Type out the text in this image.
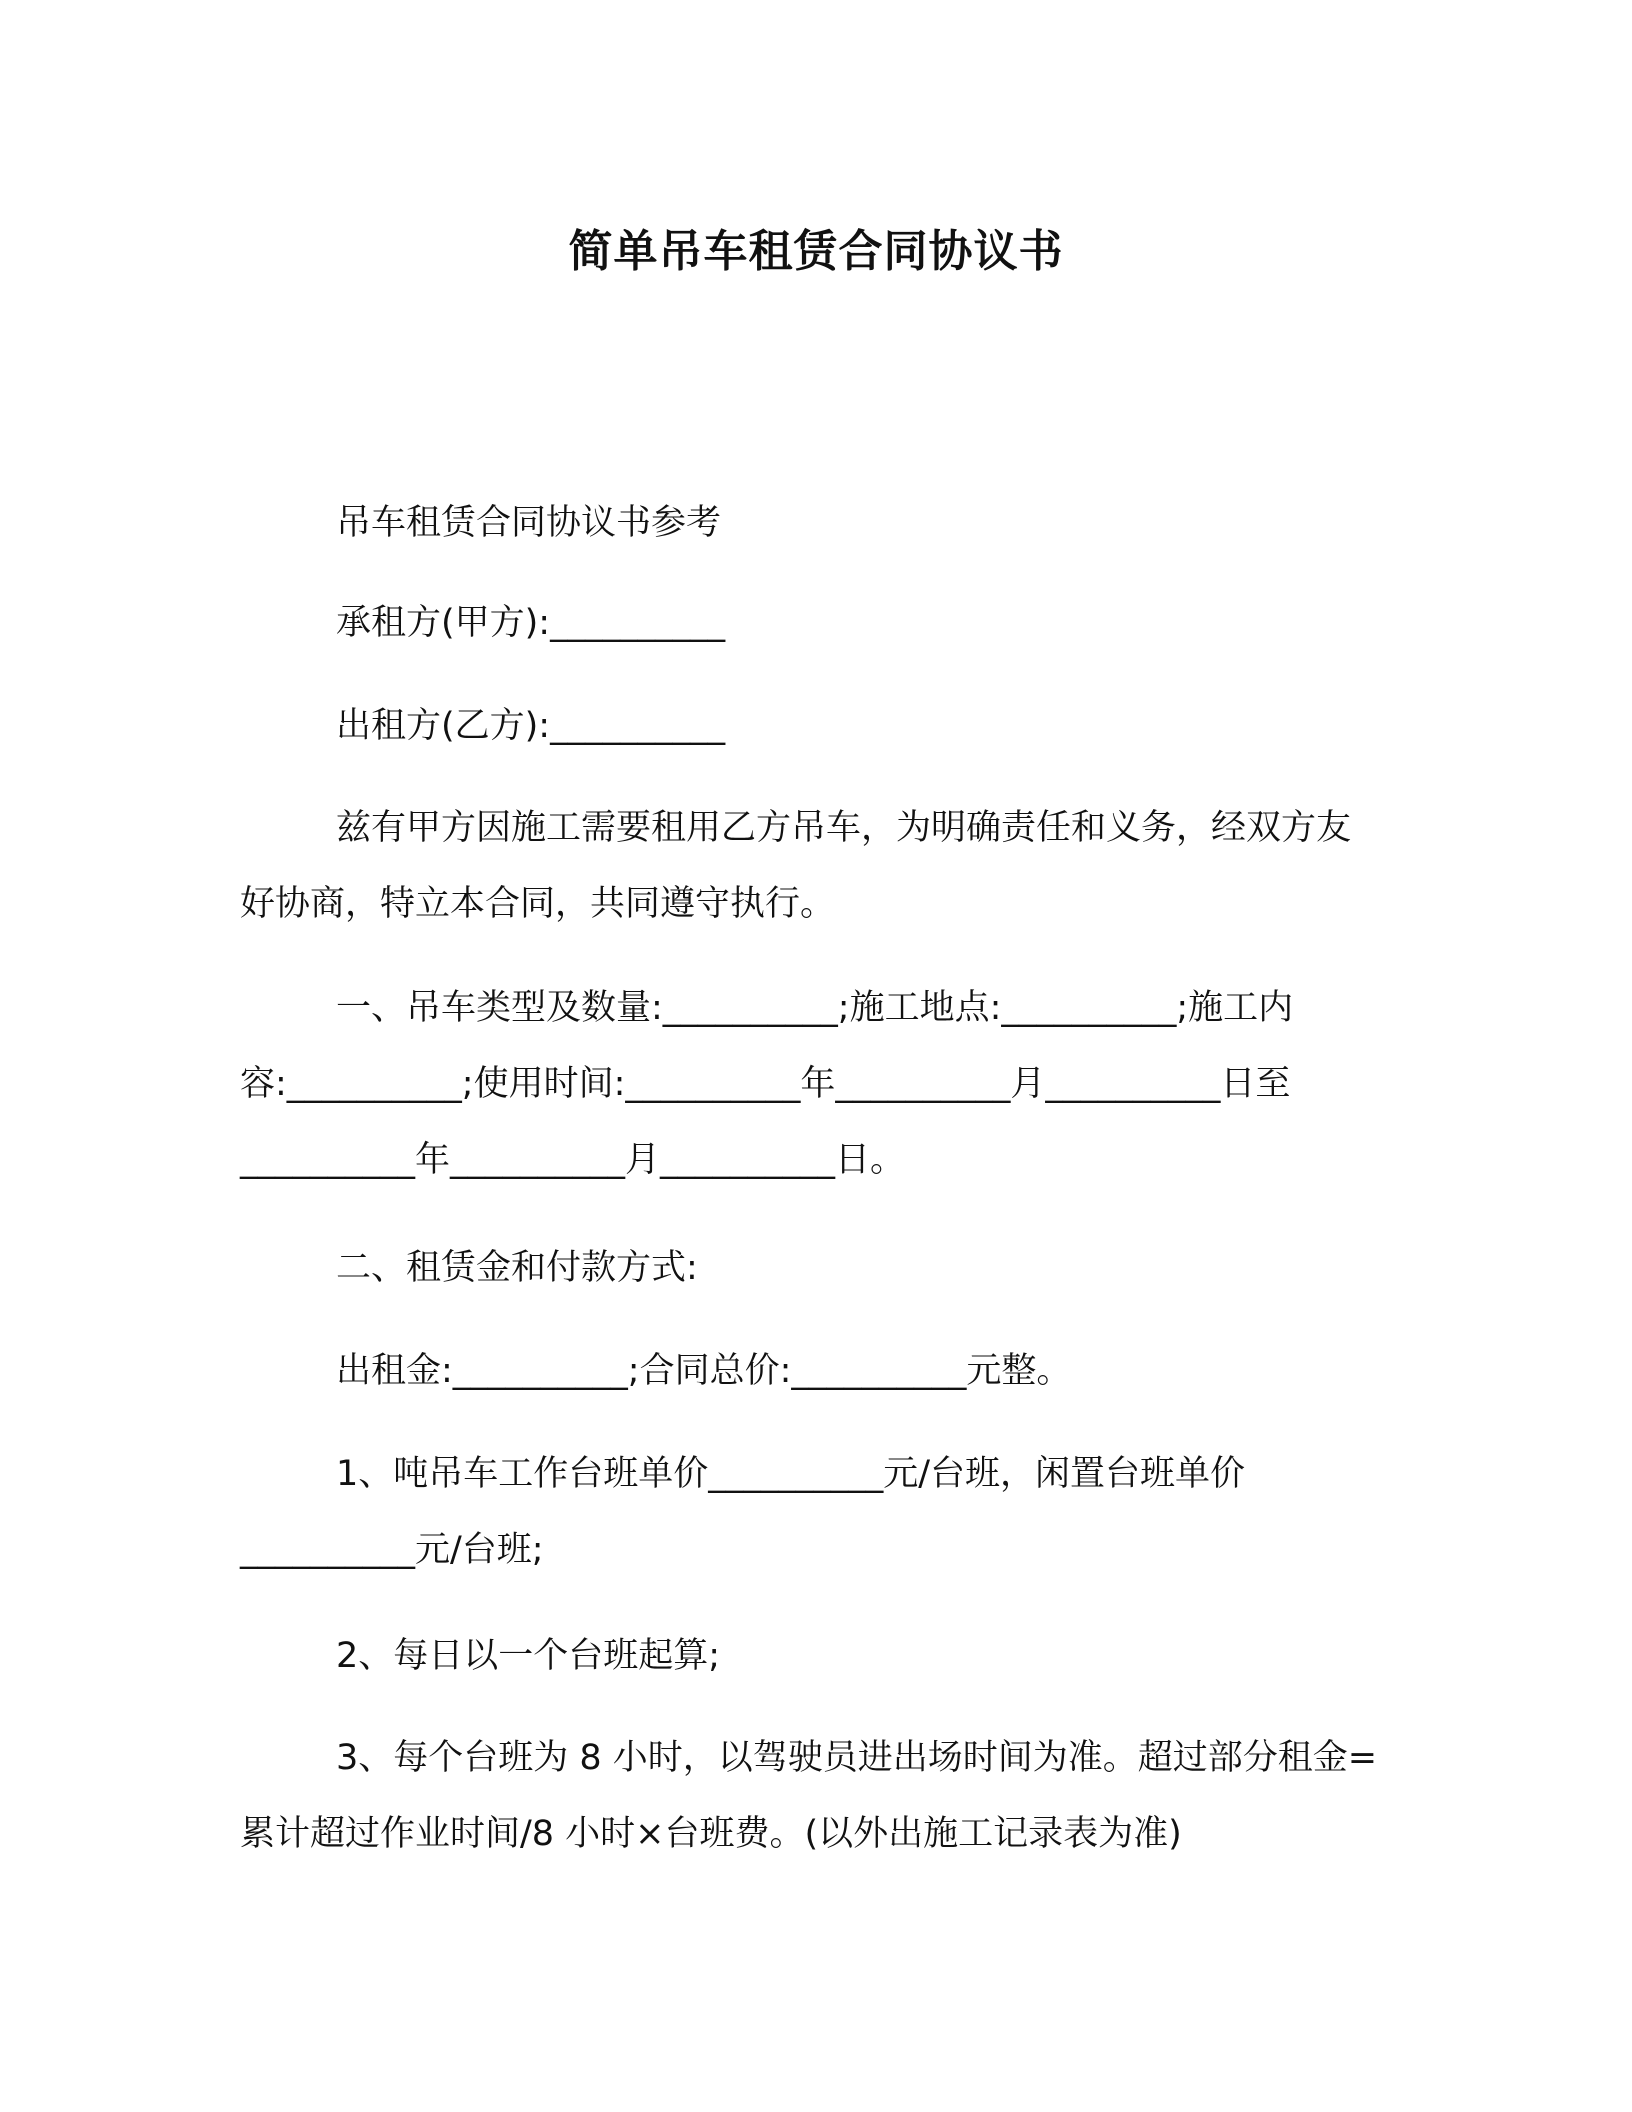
简单吊车租赁合同协议书
吊车租赁合同协议书参考
承租方(甲方):__________
出租方(乙方):__________
兹有甲方因施工需要租用乙方吊车，为明确责任和义务，经双方友好协商，特立本合同，共同遵守执行。
一、吊车类型及数量:__________;施工地点:__________;施工内容:__________;使用时间:__________年__________月__________日至__________年__________月__________日。
二、租赁金和付款方式:
出租金:__________;合同总价:__________元整。
1、吨吊车工作台班单价__________元/台班，闲置台班单价__________元/台班;
2、每日以一个台班起算;
3、每个台班为 8 小时，以驾驶员进出场时间为准。超过部分租金=累计超过作业时间/8 小时×台班费。(以外出施工记录表为准)
